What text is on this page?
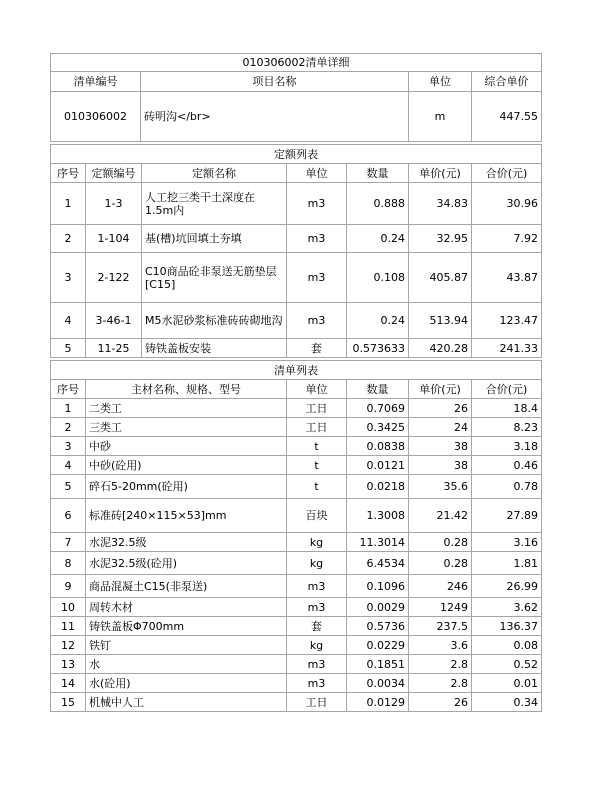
010306002清单详细			
清单编号	项目名称	单位	综合单价
010306002	砖明沟</br>	m	447.55
定额列表						
序号	定额编号	定额名称	单位	数量	单价(元)	合价(元)
1	1-3	人工挖三类干土深度在1.5m内	m3	0.888	34.83	30.96
2	1-104	基(槽)坑回填土夯填	m3	0.24	32.95	7.92
3	2-122	C10商品砼非泵送无筋垫层[C15]	m3	0.108	405.87	43.87
4	3-46-1	M5水泥砂浆标准砖砖砌地沟	m3	0.24	513.94	123.47
5	11-25	铸铁盖板安装	套	0.573633	420.28	241.33
清单列表					
序号	主材名称、规格、型号	单位	数量	单价(元)	合价(元)
1	二类工	工日	0.7069	26	18.4
2	三类工	工日	0.3425	24	8.23
3	中砂	t	0.0838	38	3.18
4	中砂(砼用)	t	0.0121	38	0.46
5	碎石5-20mm(砼用)	t	0.0218	35.6	0.78
6	标准砖[240×115×53]mm	百块	1.3008	21.42	27.89
7	水泥32.5级	kg	11.3014	0.28	3.16
8	水泥32.5级(砼用)	kg	6.4534	0.28	1.81
9	商品混凝土C15(非泵送)	m3	0.1096	246	26.99
10	周转木材	m3	0.0029	1249	3.62
11	铸铁盖板Φ700mm	套	0.5736	237.5	136.37
12	铁钉	kg	0.0229	3.6	0.08
13	水	m3	0.1851	2.8	0.52
14	水(砼用)	m3	0.0034	2.8	0.01
15	机械中人工	工日	0.0129	26	0.34
